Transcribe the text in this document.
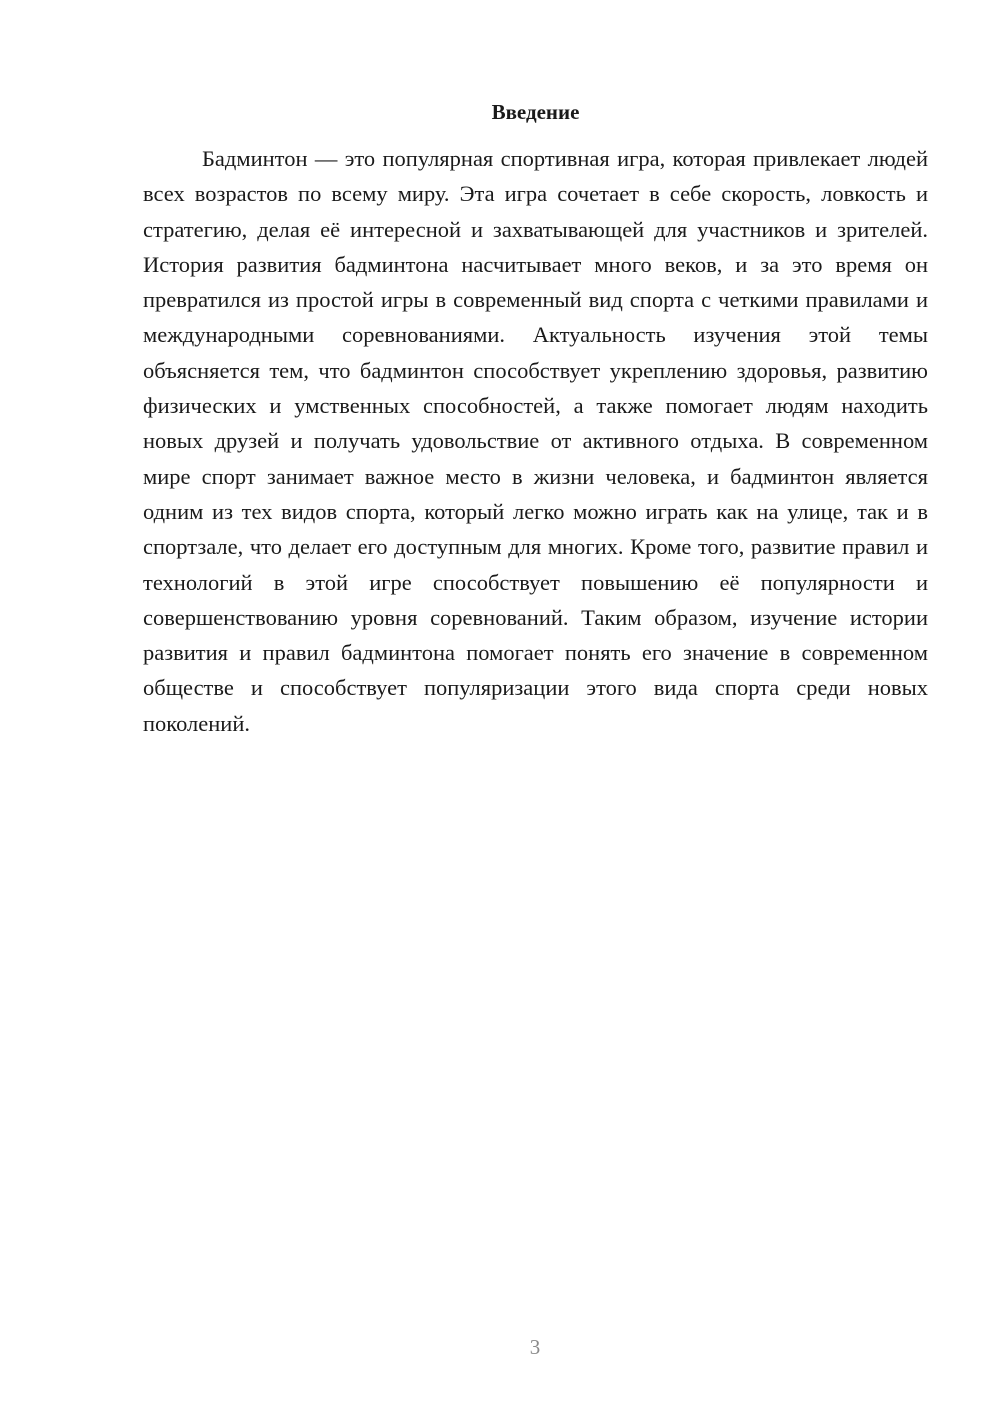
Введение

Бадминтон — это популярная спортивная игра, которая привлекает людей всех возрастов по всему миру. Эта игра сочетает в себе скорость, ловкость и стратегию, делая её интересной и захватывающей для участников и зрителей. История развития бадминтона насчитывает много веков, и за это время он превратился из простой игры в современный вид спорта с четкими правилами и международными соревнованиями. Актуальность изучения этой темы объясняется тем, что бадминтон способствует укреплению здоровья, развитию физических и умственных способностей, а также помогает людям находить новых друзей и получать удовольствие от активного отдыха. В современном мире спорт занимает важное место в жизни человека, и бадминтон является одним из тех видов спорта, который легко можно играть как на улице, так и в спортзале, что делает его доступным для многих. Кроме того, развитие правил и технологий в этой игре способствует повышению её популярности и совершенствованию уровня соревнований. Таким образом, изучение истории развития и правил бадминтона помогает понять его значение в современном обществе и способствует популяризации этого вида спорта среди новых поколений.

3
